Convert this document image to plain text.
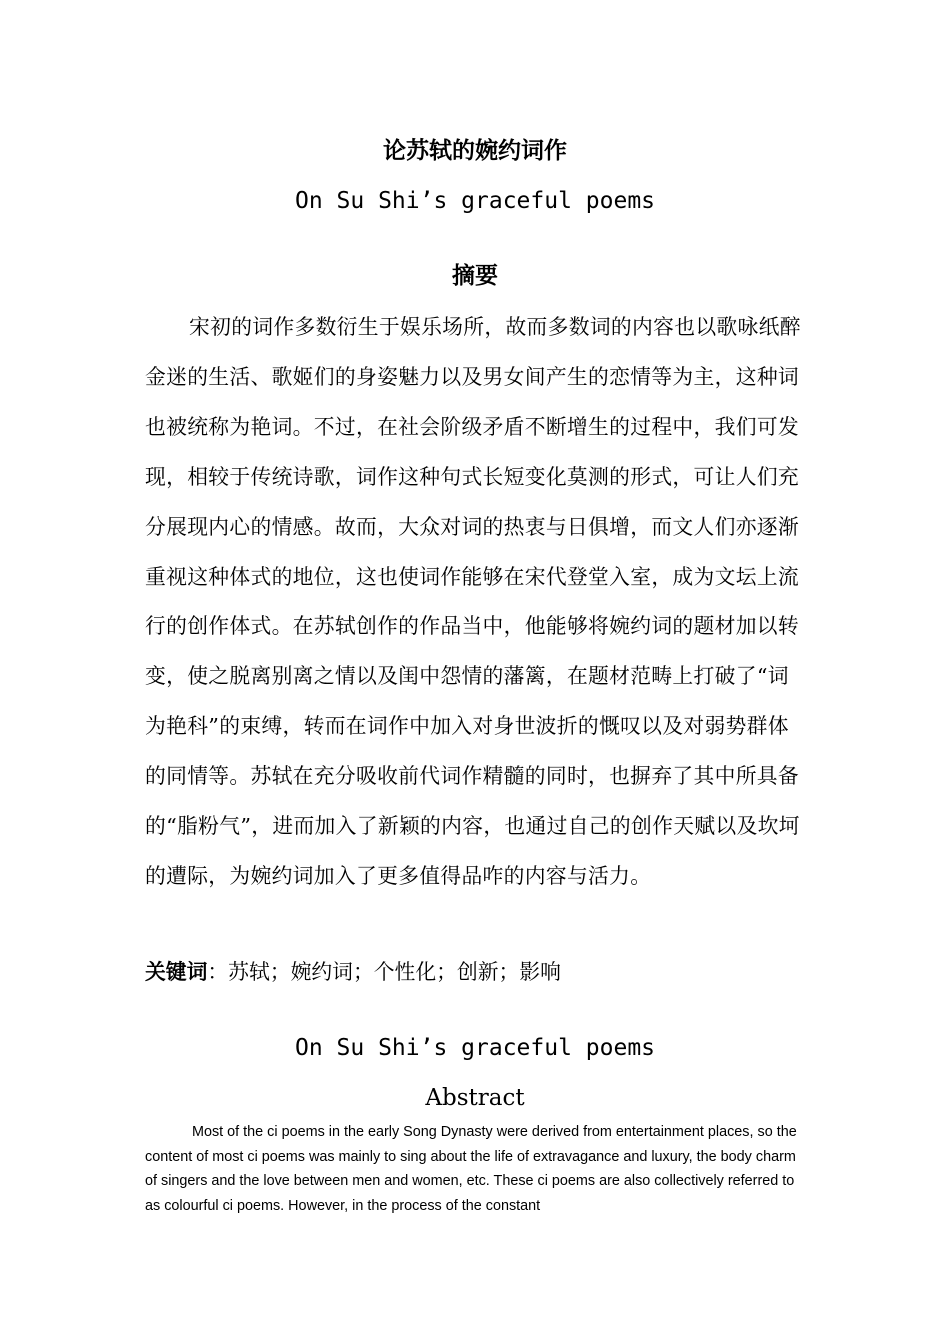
论苏轼的婉约词作
On Su Shi’s graceful poems
摘要

宋初的词作多数衍生于娱乐场所，故而多数词的内容也以歌咏纸醉金迷的生活、歌姬们的身姿魅力以及男女间产生的恋情等为主，这种词也被统称为艳词。不过，在社会阶级矛盾不断增生的过程中，我们可发现，相较于传统诗歌，词作这种句式长短变化莫测的形式，可让人们充分展现内心的情感。故而，大众对词的热衷与日俱增，而文人们亦逐渐重视这种体式的地位，这也使词作能够在宋代登堂入室，成为文坛上流行的创作体式。在苏轼创作的作品当中，他能够将婉约词的题材加以转变，使之脱离别离之情以及闺中怨情的藩篱，在题材范畴上打破了“词为艳科”的束缚，转而在词作中加入对身世波折的慨叹以及对弱势群体的同情等。苏轼在充分吸收前代词作精髓的同时，也摒弃了其中所具备的“脂粉气”，进而加入了新颖的内容，也通过自己的创作天赋以及坎坷的遭际，为婉约词加入了更多值得品咋的内容与活力。

关键词：苏轼；婉约词；个性化；创新；影响
On Su Shi’s graceful poems
Abstract

Most of the ci poems in the early Song Dynasty were derived from entertainment places, so the content of most ci poems was mainly to sing about the life of extravagance and luxury, the body charm of singers and the love between men and women, etc. These ci poems are also collectively referred to as colourful ci poems. However, in the process of the constant
